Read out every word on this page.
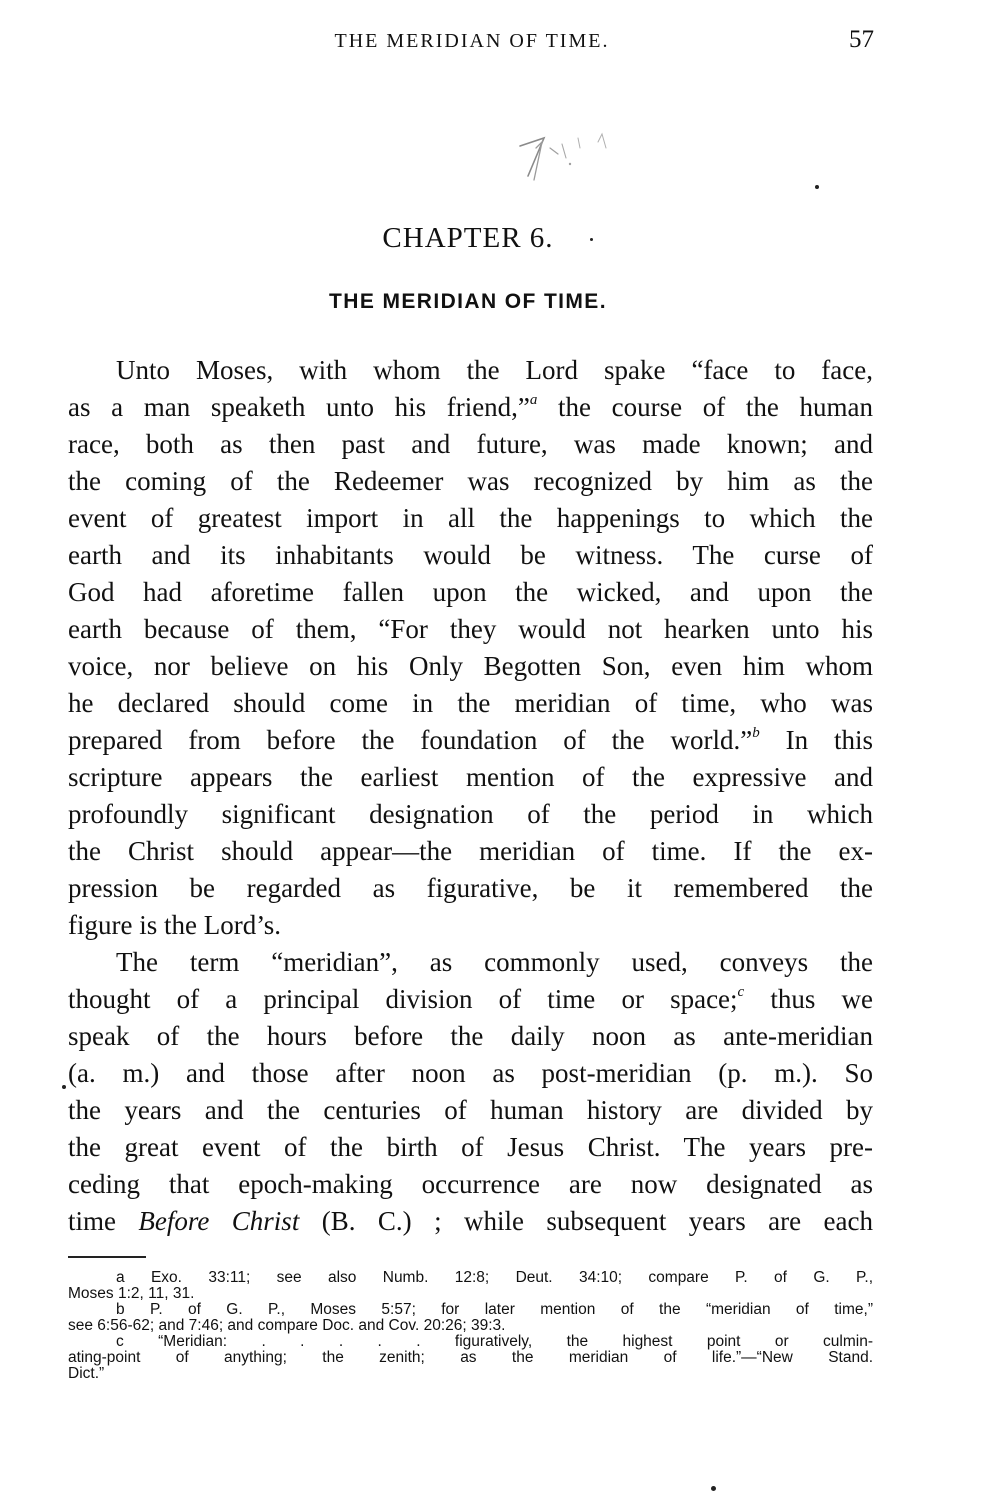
THE MERIDIAN OF TIME.	57
CHAPTER 6.
THE MERIDIAN OF TIME.
Unto Moses, with whom the Lord spake “face to face,
as a man speaketh unto his friend,”$^a$ the course of the human
race, both as then past and future, was made known; and
the coming of the Redeemer was recognized by him as the
event of greatest import in all the happenings to which the
earth and its inhabitants would be witness. The curse of
God had aforetime fallen upon the wicked, and upon the
earth because of them, “For they would not hearken unto his
voice, nor believe on his Only Begotten Son, even him whom
he declared should come in the meridian of time, who was
prepared from before the foundation of the world.”$^b$ In this
scripture appears the earliest mention of the expressive and
profoundly significant designation of the period in which
the Christ should appear—the meridian of time. If the ex-
pression be regarded as figurative, be it remembered the
figure is the Lord’s.
The term “meridian”, as commonly used, conveys the
thought of a principal division of time or space;$^c$ thus we
speak of the hours before the daily noon as ante-meridian
(a. m.) and those after noon as post-meridian (p. m.). So
the years and the centuries of human history are divided by
the great event of the birth of Jesus Christ. The years pre-
ceding that epoch-making occurrence are now designated as
time Before Christ (B. C.) ; while subsequent years are each
a Exo. 33:11; see also Numb. 12:8; Deut. 34:10; compare P. of G. P.,
Moses 1:2, 11, 31.
b P. of G. P., Moses 5:57; for later mention of the “meridian of time,”
see 6:56-62; and 7:46; and compare Doc. and Cov. 20:26; 39:3.
c “Meridian: . . . . . figuratively, the highest point or culmin-
ating-point of anything; the zenith; as the meridian of life.”—“New Stand.
Dict.”
